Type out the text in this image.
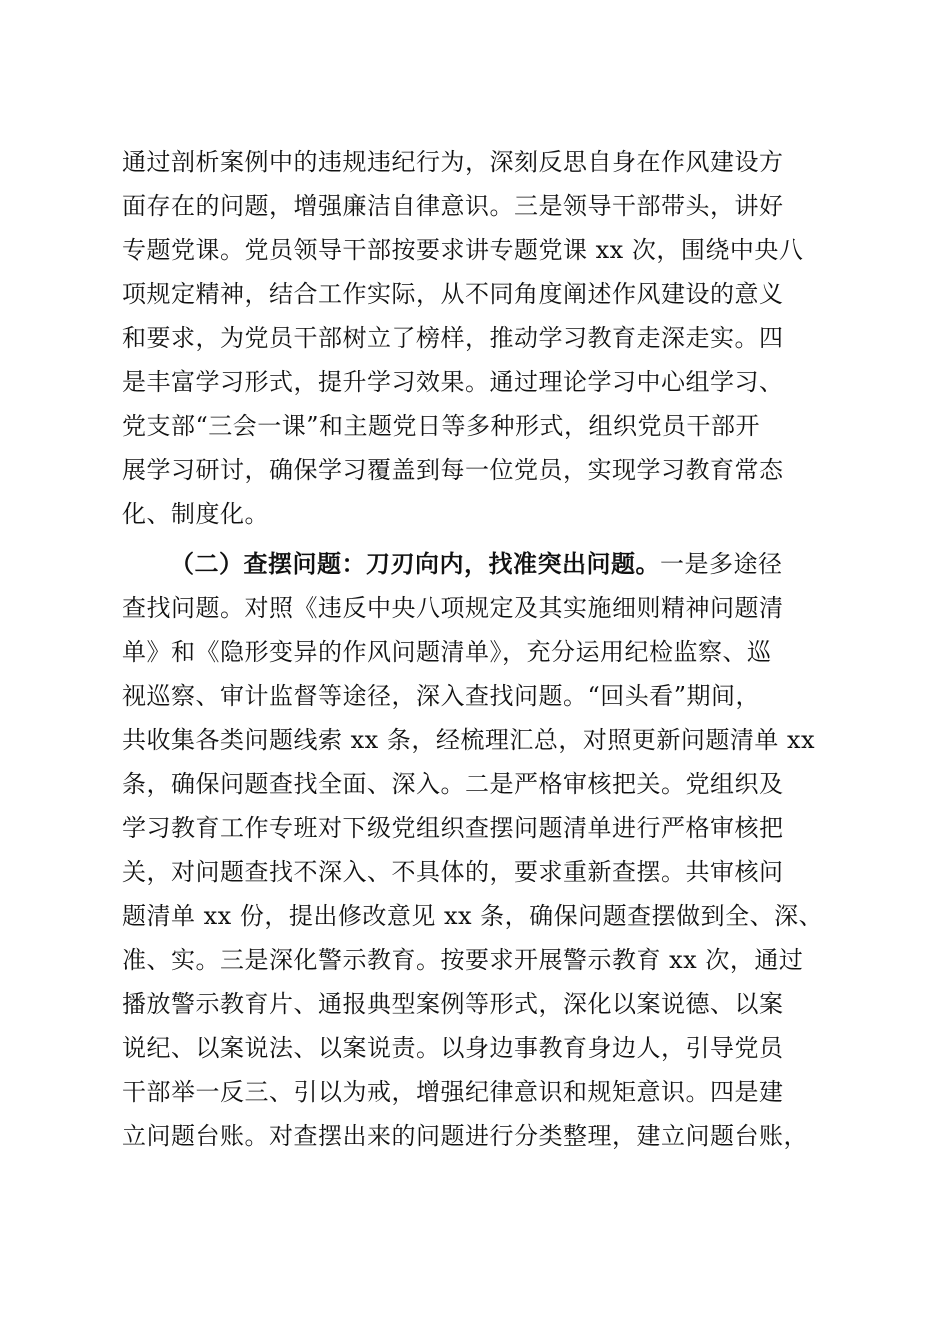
通过剖析案例中的违规违纪行为，深刻反思自身在作风建设方
面存在的问题，增强廉洁自律意识。三是领导干部带头，讲好
专题党课。党员领导干部按要求讲专题党课 xx 次，围绕中央八
项规定精神，结合工作实际，从不同角度阐述作风建设的意义
和要求，为党员干部树立了榜样，推动学习教育走深走实。四
是丰富学习形式，提升学习效果。通过理论学习中心组学习、
党支部“三会一课”和主题党日等多种形式，组织党员干部开
展学习研讨，确保学习覆盖到每一位党员，实现学习教育常态
化、制度化。
（二）查摆问题：刀刃向内，找准突出问题。一是多途径
查找问题。对照《违反中央八项规定及其实施细则精神问题清
单》和《隐形变异的作风问题清单》，充分运用纪检监察、巡
视巡察、审计监督等途径，深入查找问题。“回头看”期间，
共收集各类问题线索 xx 条，经梳理汇总，对照更新问题清单 xx
条，确保问题查找全面、深入。二是严格审核把关。党组织及
学习教育工作专班对下级党组织查摆问题清单进行严格审核把
关，对问题查找不深入、不具体的，要求重新查摆。共审核问
题清单 xx 份，提出修改意见 xx 条，确保问题查摆做到全、深、
准、实。三是深化警示教育。按要求开展警示教育 xx 次，通过
播放警示教育片、通报典型案例等形式，深化以案说德、以案
说纪、以案说法、以案说责。以身边事教育身边人，引导党员
干部举一反三、引以为戒，增强纪律意识和规矩意识。四是建
立问题台账。对查摆出来的问题进行分类整理，建立问题台账，
